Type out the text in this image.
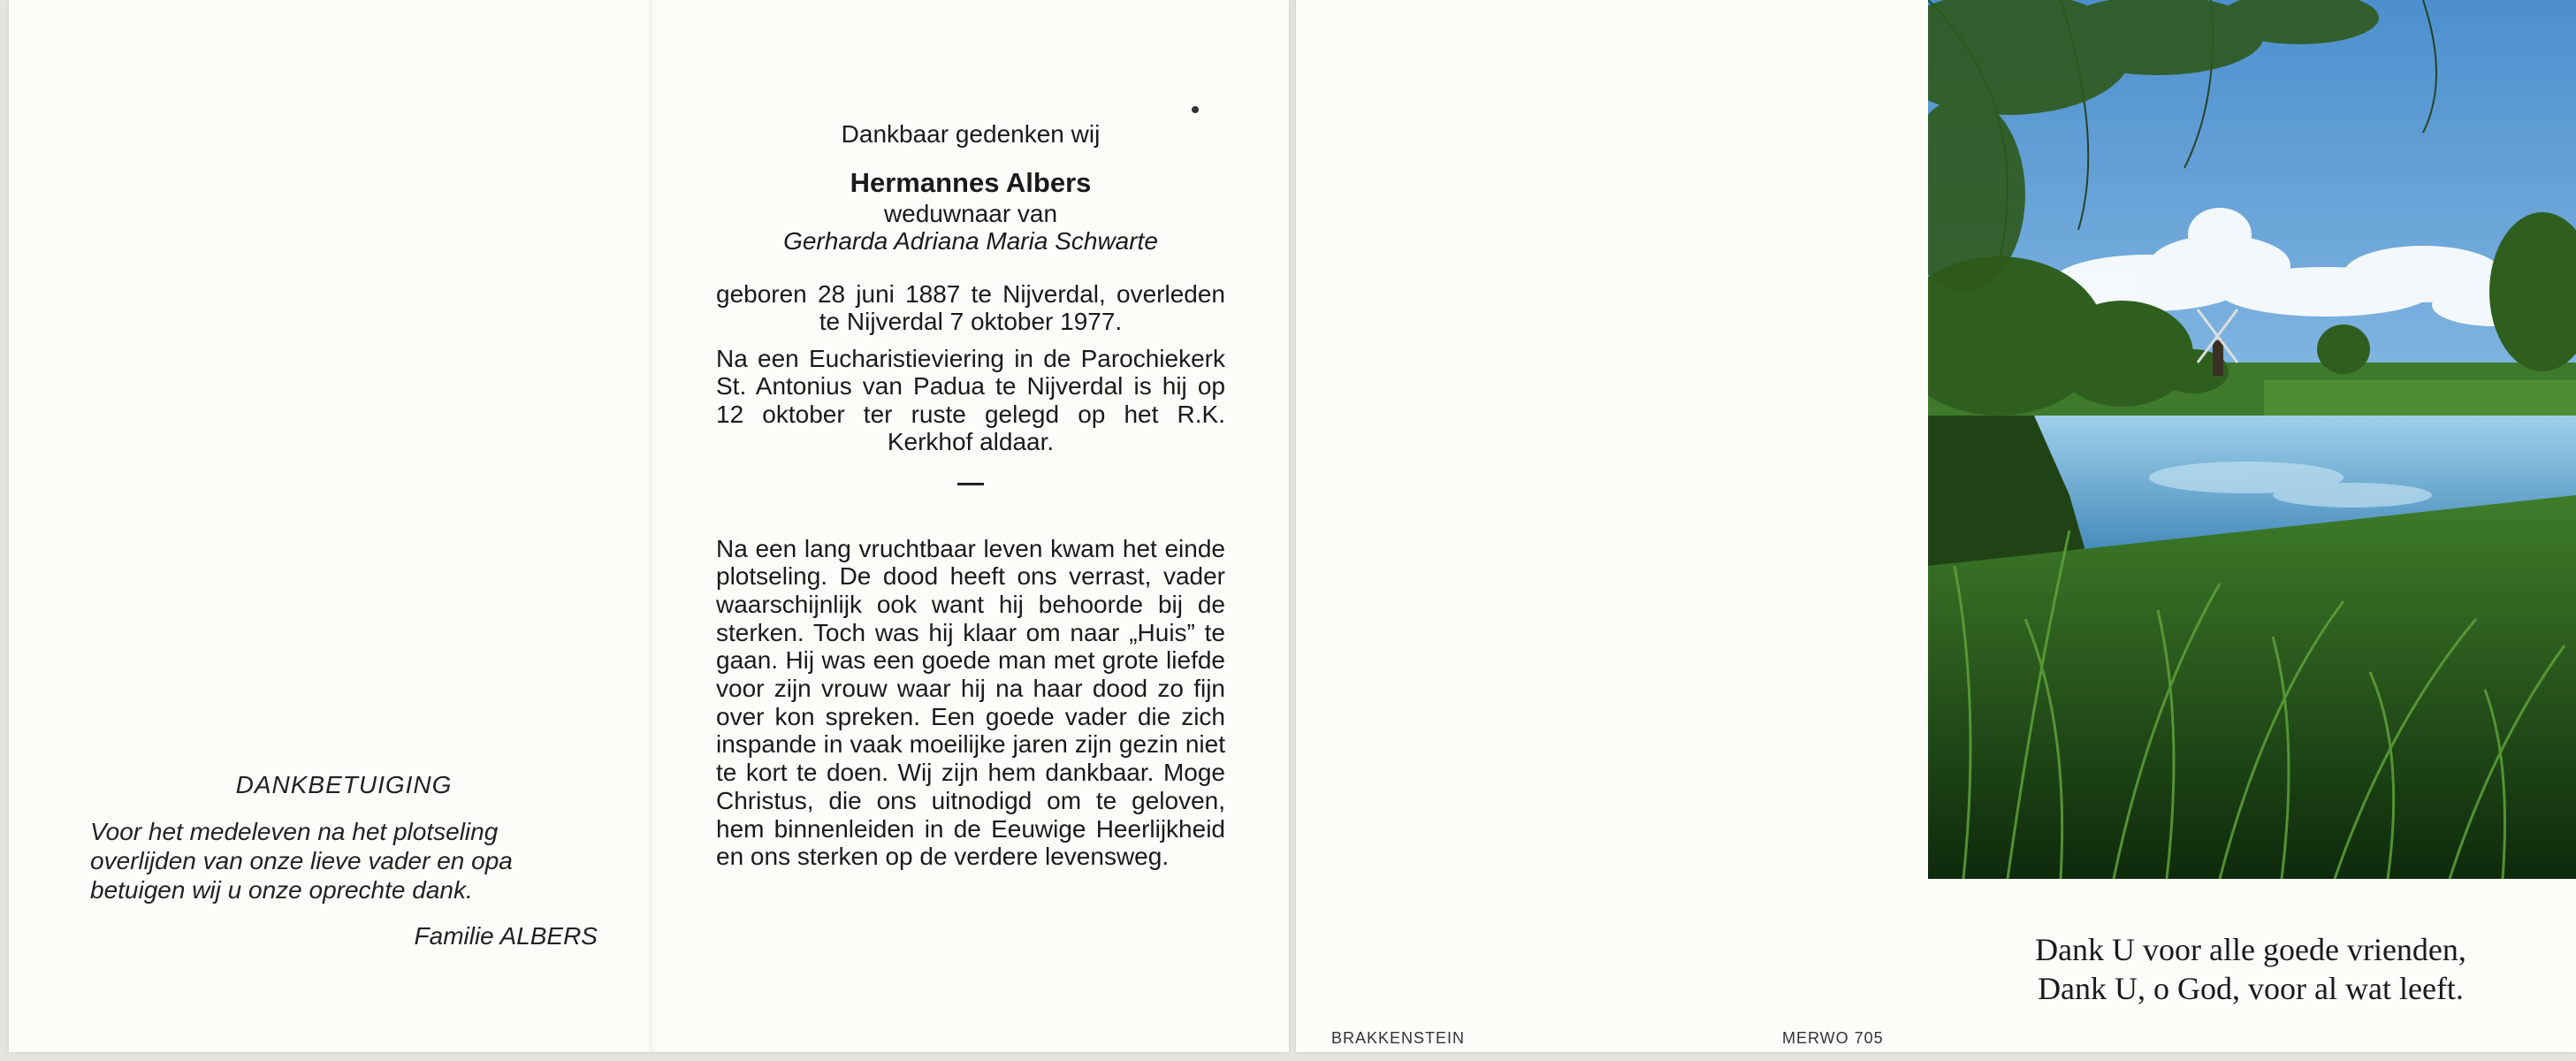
DANKBETUIGING
Voor het medeleven na het plotseling
overlijden van onze lieve vader en opa
betuigen wij u onze oprechte dank.
Familie ALBERS
Dankbaar gedenken wij
Hermannes Albers
weduwnaar van
Gerharda Adriana Maria Schwarte
geboren 28 juni 1887 te Nijverdal, overleden te Nijverdal 7 oktober 1977.
Na een Eucharistieviering in de Parochiekerk St. Antonius van Padua te Nijverdal is hij op 12 oktober ter ruste gelegd op het R.K. Kerkhof aldaar.
Na een lang vruchtbaar leven kwam het einde plotseling. De dood heeft ons verrast, vader waarschijnlijk ook want hij behoorde bij de sterken. Toch was hij klaar om naar „Huis” te gaan. Hij was een goede man met grote liefde voor zijn vrouw waar hij na haar dood zo fijn over kon spreken. Een goede vader die zich inspande in vaak moeilijke jaren zijn gezin niet te kort te doen. Wij zijn hem dankbaar. Moge Christus, die ons uitnodigd om te geloven, hem binnenleiden in de Eeuwige Heerlijkheid en ons sterken op de verdere levensweg.
BRAKKENSTEIN	MERWO 705
Dank U voor alle goede vrienden,
Dank U, o God, voor al wat leeft.
